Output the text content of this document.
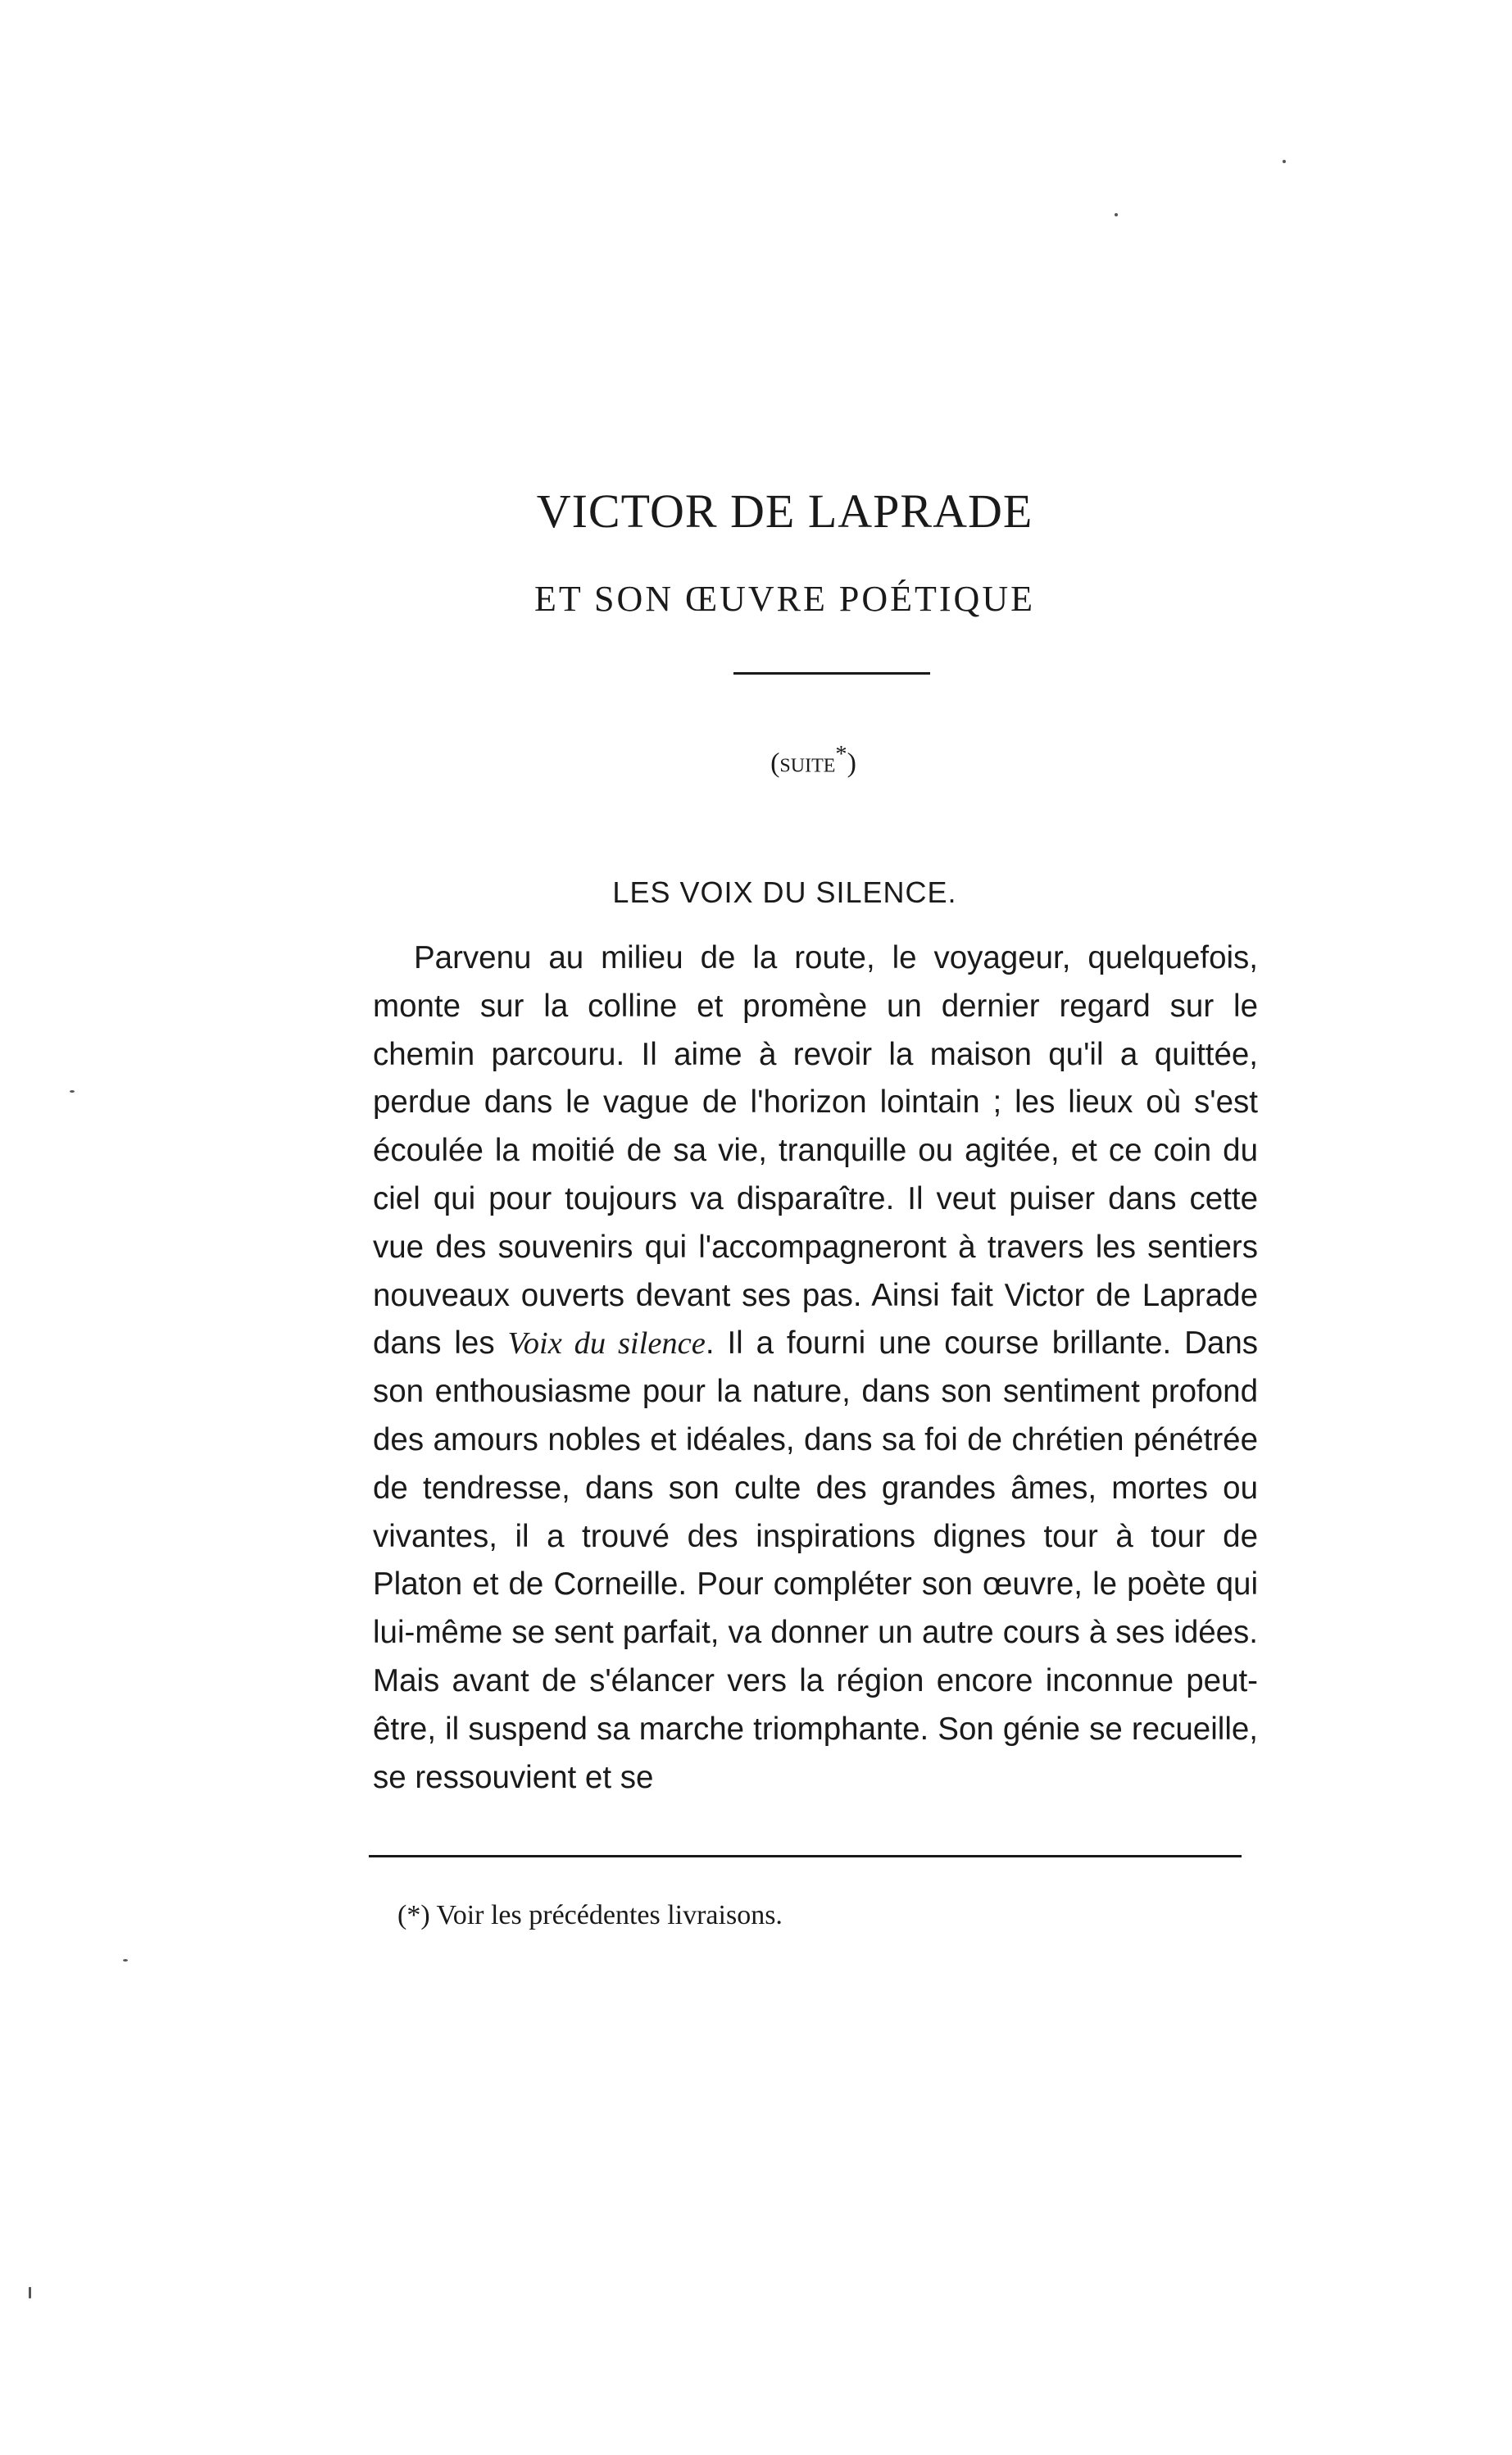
VICTOR DE LAPRADE
ET SON ŒUVRE POÉTIQUE
(suite*)
LES VOIX DU SILENCE.

Parvenu au milieu de la route, le voyageur, quelquefois, monte sur la colline et promène un dernier regard sur le chemin parcouru. Il aime à revoir la maison qu'il a quittée, perdue dans le vague de l'horizon lointain ; les lieux où s'est écoulée la moitié de sa vie, tranquille ou agitée, et ce coin du ciel qui pour toujours va disparaître. Il veut puiser dans cette vue des souvenirs qui l'accompagneront à travers les sentiers nouveaux ouverts devant ses pas. Ainsi fait Victor de Laprade dans les Voix du silence. Il a fourni une course brillante. Dans son enthousiasme pour la nature, dans son sentiment profond des amours nobles et idéales, dans sa foi de chrétien pénétrée de tendresse, dans son culte des grandes âmes, mortes ou vivantes, il a trouvé des inspirations dignes tour à tour de Platon et de Corneille. Pour compléter son œuvre, le poète qui lui-même se sent parfait, va donner un autre cours à ses idées. Mais avant de s'élancer vers la région encore inconnue peut-être, il suspend sa marche triomphante. Son génie se recueille, se ressouvient et se

(*) Voir les précédentes livraisons.
